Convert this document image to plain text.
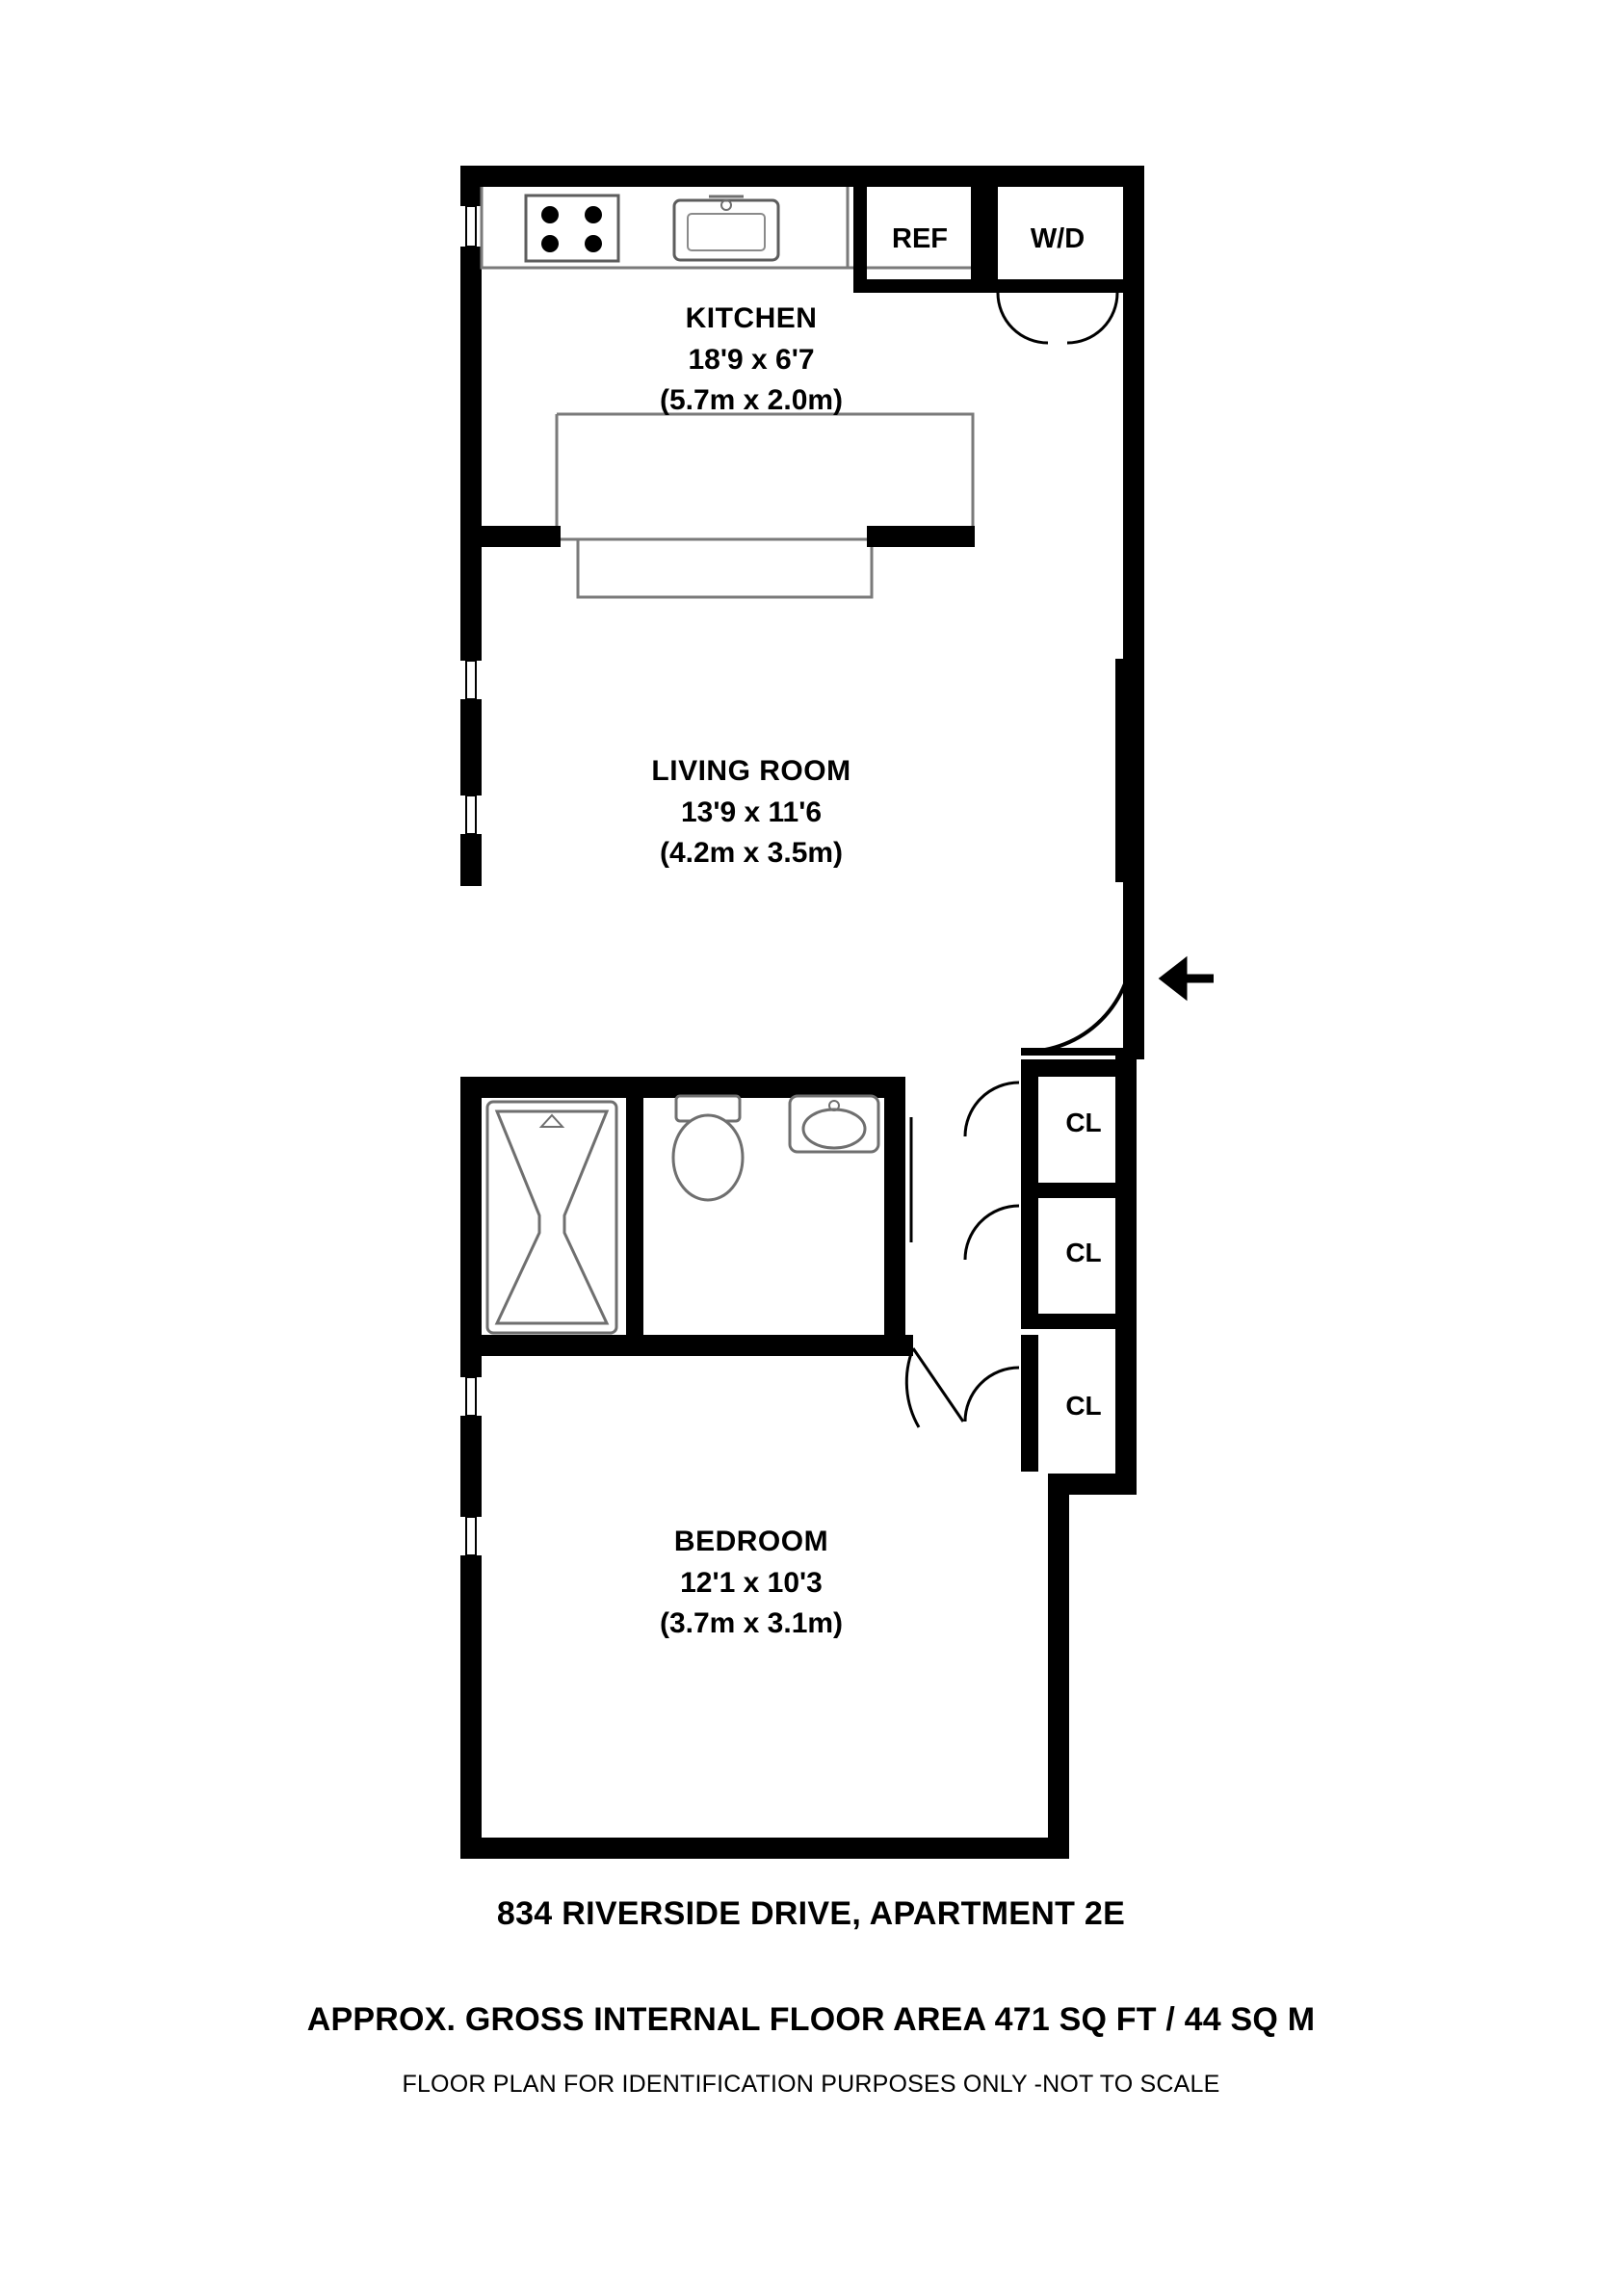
KITCHEN
18'9 x 6'7
(5.7m x 2.0m)
LIVING ROOM
13'9 x 11'6
(4.2m x 3.5m)
BEDROOM
12'1 x 10'3
(3.7m x 3.1m)
REF	W/D
CL
CL
CL
834 RIVERSIDE DRIVE, APARTMENT 2E
APPROX. GROSS INTERNAL FLOOR AREA 471 SQ FT / 44 SQ M
FLOOR PLAN FOR IDENTIFICATION PURPOSES ONLY -NOT TO SCALE
